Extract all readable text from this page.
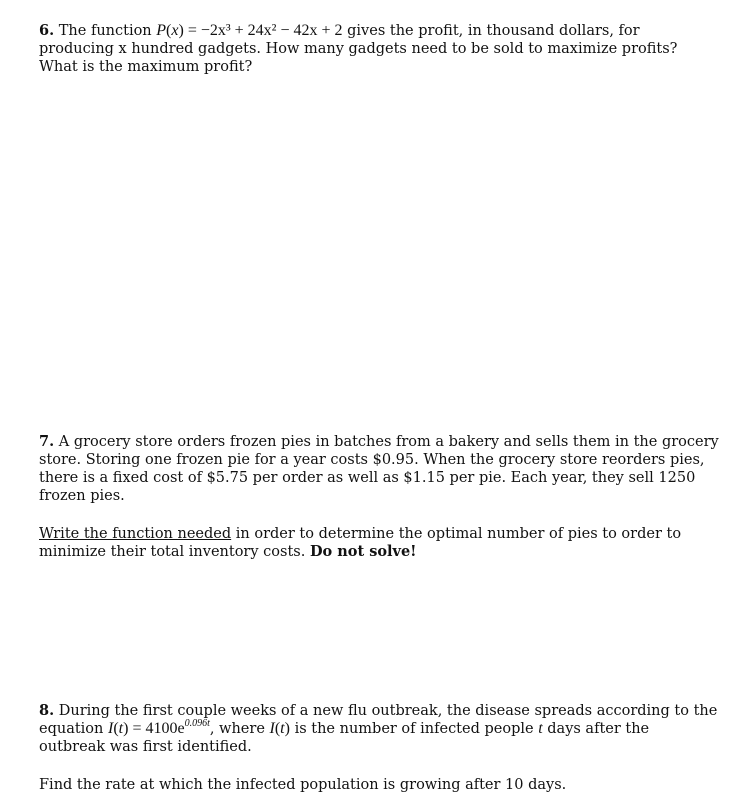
6. The function P(x) = −2x³ + 24x² − 42x + 2 gives the profit, in thousand dollars, for producing x hundred gadgets. How many gadgets need to be sold to maximize profits? What is the maximum profit?

7. A grocery store orders frozen pies in batches from a bakery and sells them in the grocery store. Storing one frozen pie for a year costs $0.95. When the grocery store reorders pies, there is a fixed cost of $5.75 per order as well as $1.15 per pie. Each year, they sell 1250 frozen pies.

Write the function needed in order to determine the optimal number of pies to order to minimize their total inventory costs. Do not solve!

8. During the first couple weeks of a new flu outbreak, the disease spreads according to the equation $I(t) = 4100e^{0.096t}$, where I(t) is the number of infected people t days after the outbreak was first identified.

Find the rate at which the infected population is growing after 10 days.
